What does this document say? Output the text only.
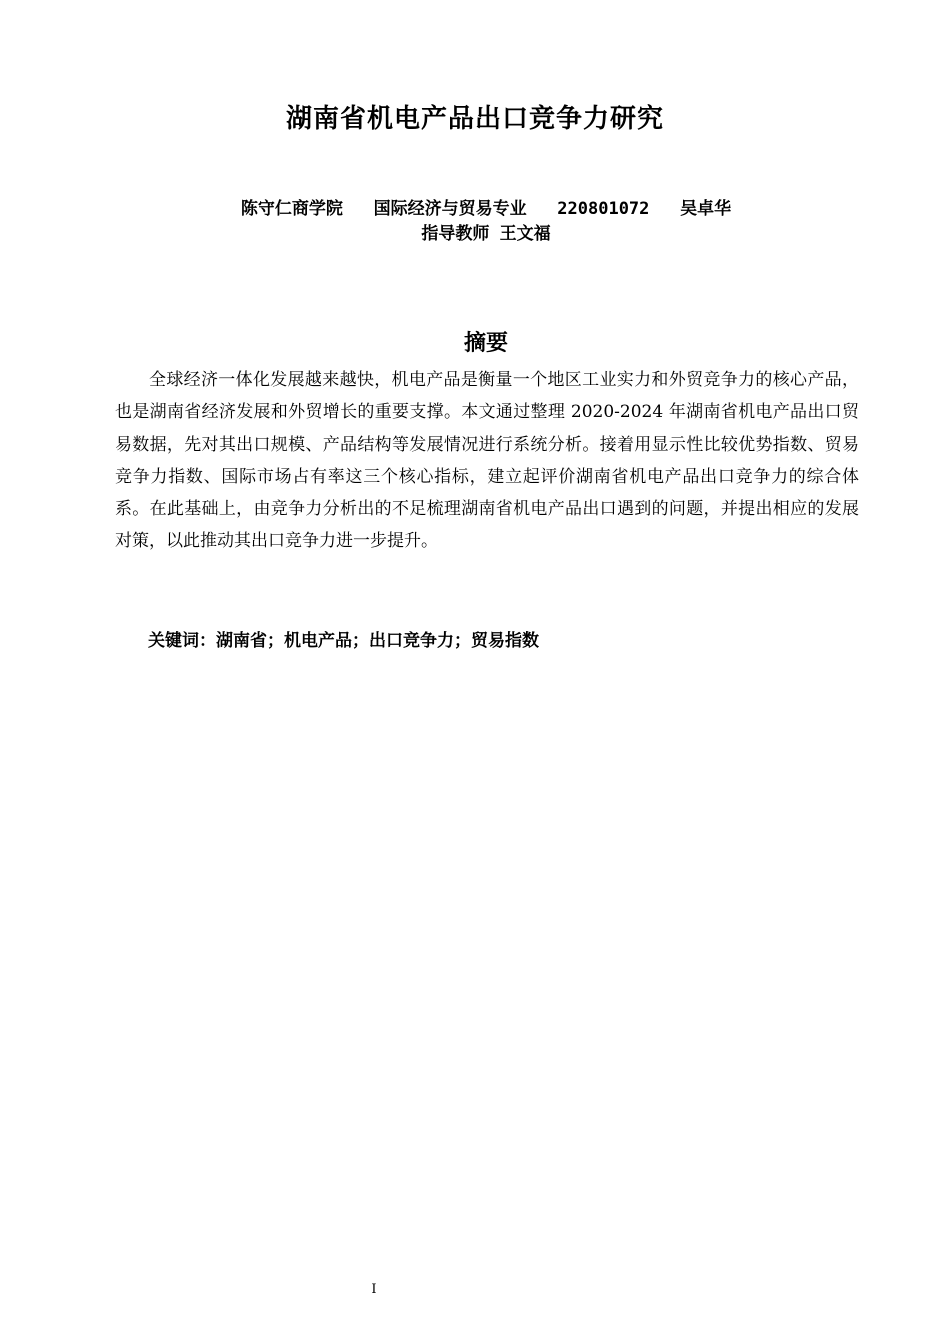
湖南省机电产品出口竞争力研究
陈守仁商学院   国际经济与贸易专业   220801072   吴卓华
指导教师 王文福
摘要

全球经济一体化发展越来越快，机电产品是衡量一个地区工业实力和外贸竞争力的核心产品，也是湖南省经济发展和外贸增长的重要支撑。本文通过整理 2020-2024 年湖南省机电产品出口贸易数据，先对其出口规模、产品结构等发展情况进行系统分析。接着用显示性比较优势指数、贸易竞争力指数、国际市场占有率这三个核心指标，建立起评价湖南省机电产品出口竞争力的综合体系。在此基础上，由竞争力分析出的不足梳理湖南省机电产品出口遇到的问题，并提出相应的发展对策，以此推动其出口竞争力进一步提升。

关键词：湖南省；机电产品；出口竞争力；贸易指数
I
